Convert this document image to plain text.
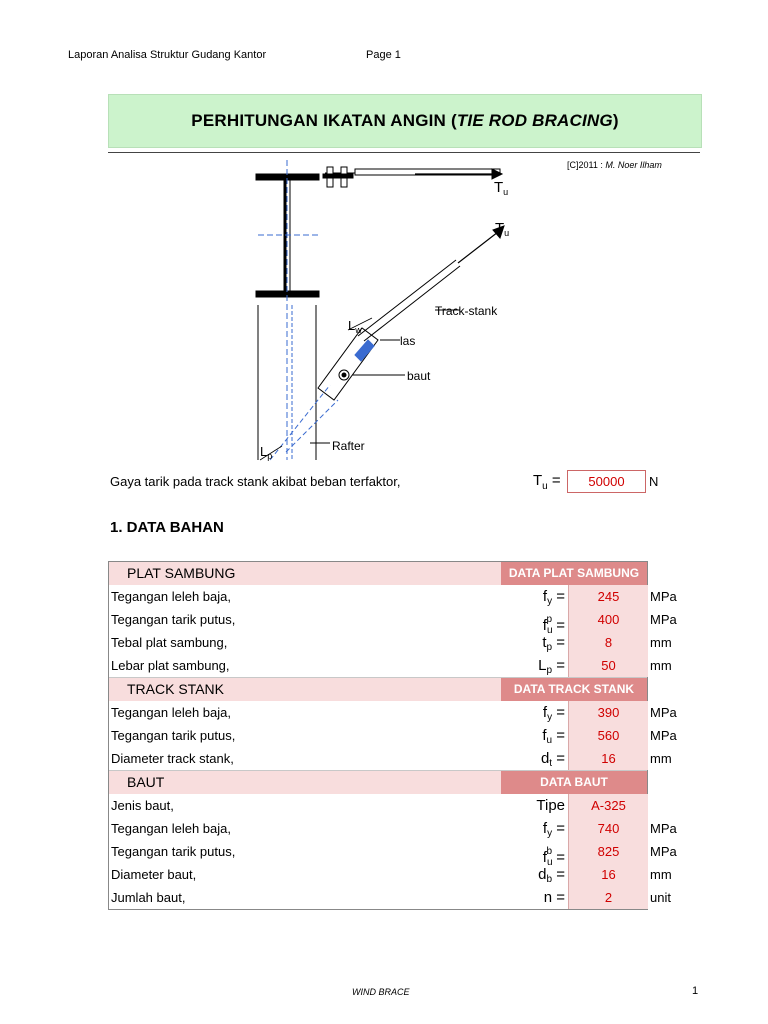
Laporan Analisa Struktur Gudang Kantor	Page 1
PERHITUNGAN IKATAN ANGIN ( TIE ROD BRACING )
[C]2011 : M. Noer Ilham
$T_u$
$T_u$
Track-stank
$L_w$
las
baut
$L_p$
Rafter
Gaya tarik pada track stank akibat beban terfaktor,	$T_u$ =	50000	N
1. DATA BAHAN
PLAT SAMBUNG	DATA PLAT SAMBUNG
Tegangan leleh baja,	$f_y$ =	245	MPa
Tegangan tarik putus,	$f_u^p$ =	400	MPa
Tebal plat sambung,	$t_p$ =	8	mm
Lebar plat sambung,	$L_p$ =	50	mm
TRACK STANK	DATA TRACK STANK
Tegangan leleh baja,	$f_y$ =	390	MPa
Tegangan tarik putus,	$f_u$ =	560	MPa
Diameter track stank,	$d_t$ =	16	mm
BAUT	DATA BAUT
Jenis baut,	Tipe	A-325
Tegangan leleh baja,	$f_y$ =	740	MPa
Tegangan tarik putus,	$f_u^b$ =	825	MPa
Diameter baut,	$d_b$ =	16	mm
Jumlah baut,	n =	2	unit
WIND BRACE	1
